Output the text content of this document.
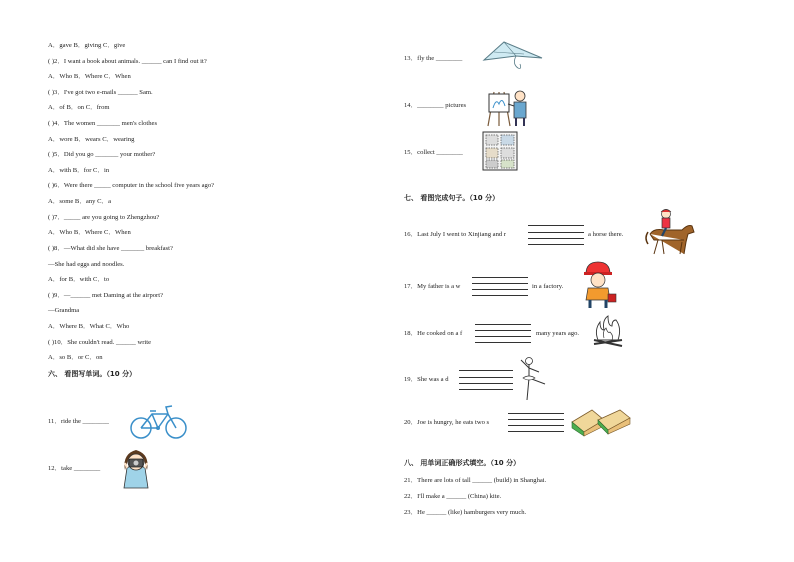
A．gave B．giving C．give
( )2．I want a book about animals. ______ can I find out it?
A．Who B．Where C．When
( )3．I've got two e-mails ______ Sam.
A．of B．on C．from
( )4．The women _______ men's clothes
A．wore B．wears C．wearing
( )5．Did you go _______ your mother?
A．with B．for C．in
( )6．Were there _____ computer in the school five years ago?
A．some B．any C．a
( )7．_____ are you going to Zhengzhou?
A．Who B．Where C．When
( )8．—What did she have _______ breakfast?
—She had eggs and noodles.
A．for B．with C．to
( )9．—______ met Daming at the airport?
—Grandma
A．Where B．What C．Who
( )10．She couldn't read. ______ write
A．so B．or C．on
六、 看图写单词。（10 分）
11．ride the ________
12．take ________
13．fly the ________
14．________ pictures
15．collect ________
七、 看图完成句子。（10 分）
16．Last July I went to Xinjiang and r	a horse there.
17．My father is a w	in a factory.
18．He cooked on a f	many years ago.
19．She was a d
20．Joe is hungry, he eats two s
八、 用单词正确形式填空。（10 分）
21．There are lots of tall ______ (build) in Shanghai.
22．I'll make a ______ (China) kite.
23．He ______ (like) hamburgers very much.
